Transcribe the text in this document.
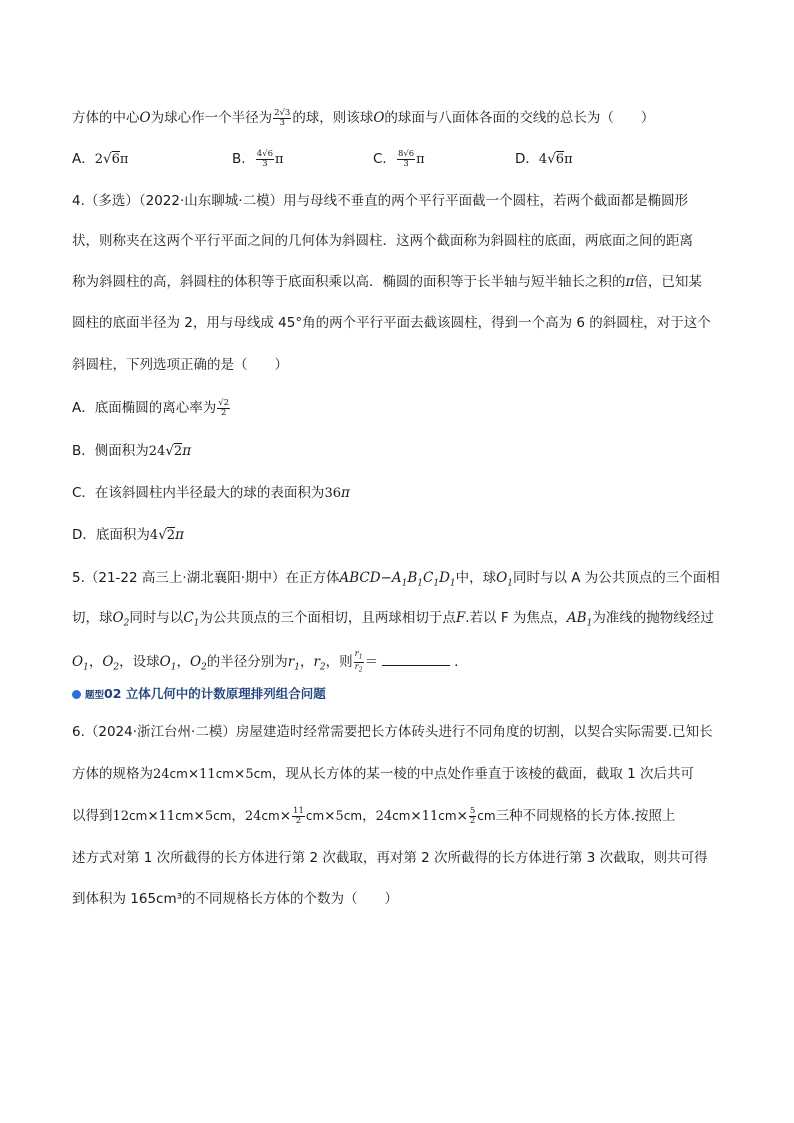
方体的中心O为球心作一个半径为 $\frac{2√3}{3}$ 的球，则该球O的球面与八面体各面的交线的总长为（　　）
A．2√6π	B． $\frac{4√6}{3}$ π	C． $\frac{8√6}{3}$ π	D．4√6π
4.（多选）（2022·山东聊城·二模）用与母线不垂直的两个平行平面截一个圆柱，若两个截面都是椭圆形
状，则称夹在这两个平行平面之间的几何体为斜圆柱．这两个截面称为斜圆柱的底面，两底面之间的距离
称为斜圆柱的高，斜圆柱的体积等于底面积乘以高．椭圆的面积等于长半轴与短半轴长之积的π倍，已知某
圆柱的底面半径为 2，用与母线成 45°角的两个平行平面去截该圆柱，得到一个高为 6 的斜圆柱，对于这个
斜圆柱，下列选项正确的是（　　）
A．底面椭圆的离心率为 $\frac{√2}{2}$
B．侧面积为24√2π
C．在该斜圆柱内半径最大的球的表面积为36π
D．底面积为4√2π
5.（21-22 高三上·湖北襄阳·期中）在正方体$ABCD-A_1B_1C_1D_1$中，球$O_1$同时与以 A 为公共顶点的三个面相
切，球$O_2$同时与以$C_1$为公共顶点的三个面相切，且两球相切于点F.若以 F 为焦点，$AB_1$为准线的抛物线经过
$O_1$，$O_2$，设球$O_1$，$O_2$的半径分别为$r_1$，$r_2$，则 $\frac{r_1}{r_2}$ ＝	.
题型02 立体几何中的计数原理排列组合问题
6.（2024·浙江台州·二模）房屋建造时经常需要把长方体砖头进行不同角度的切割，以契合实际需要.已知长
方体的规格为24cm×11cm×5cm，现从长方体的某一棱的中点处作垂直于该棱的截面，截取 1 次后共可
以得到12cm×11cm×5cm，$24cm\times \frac{11}{2} cm\times 5cm$，$24cm\times 11cm\times \frac{5}{2}$ cm三种不同规格的长方体.按照上
述方式对第 1 次所截得的长方体进行第 2 次截取，再对第 2 次所截得的长方体进行第 3 次截取，则共可得
到体积为 165cm³的不同规格长方体的个数为（　　）
